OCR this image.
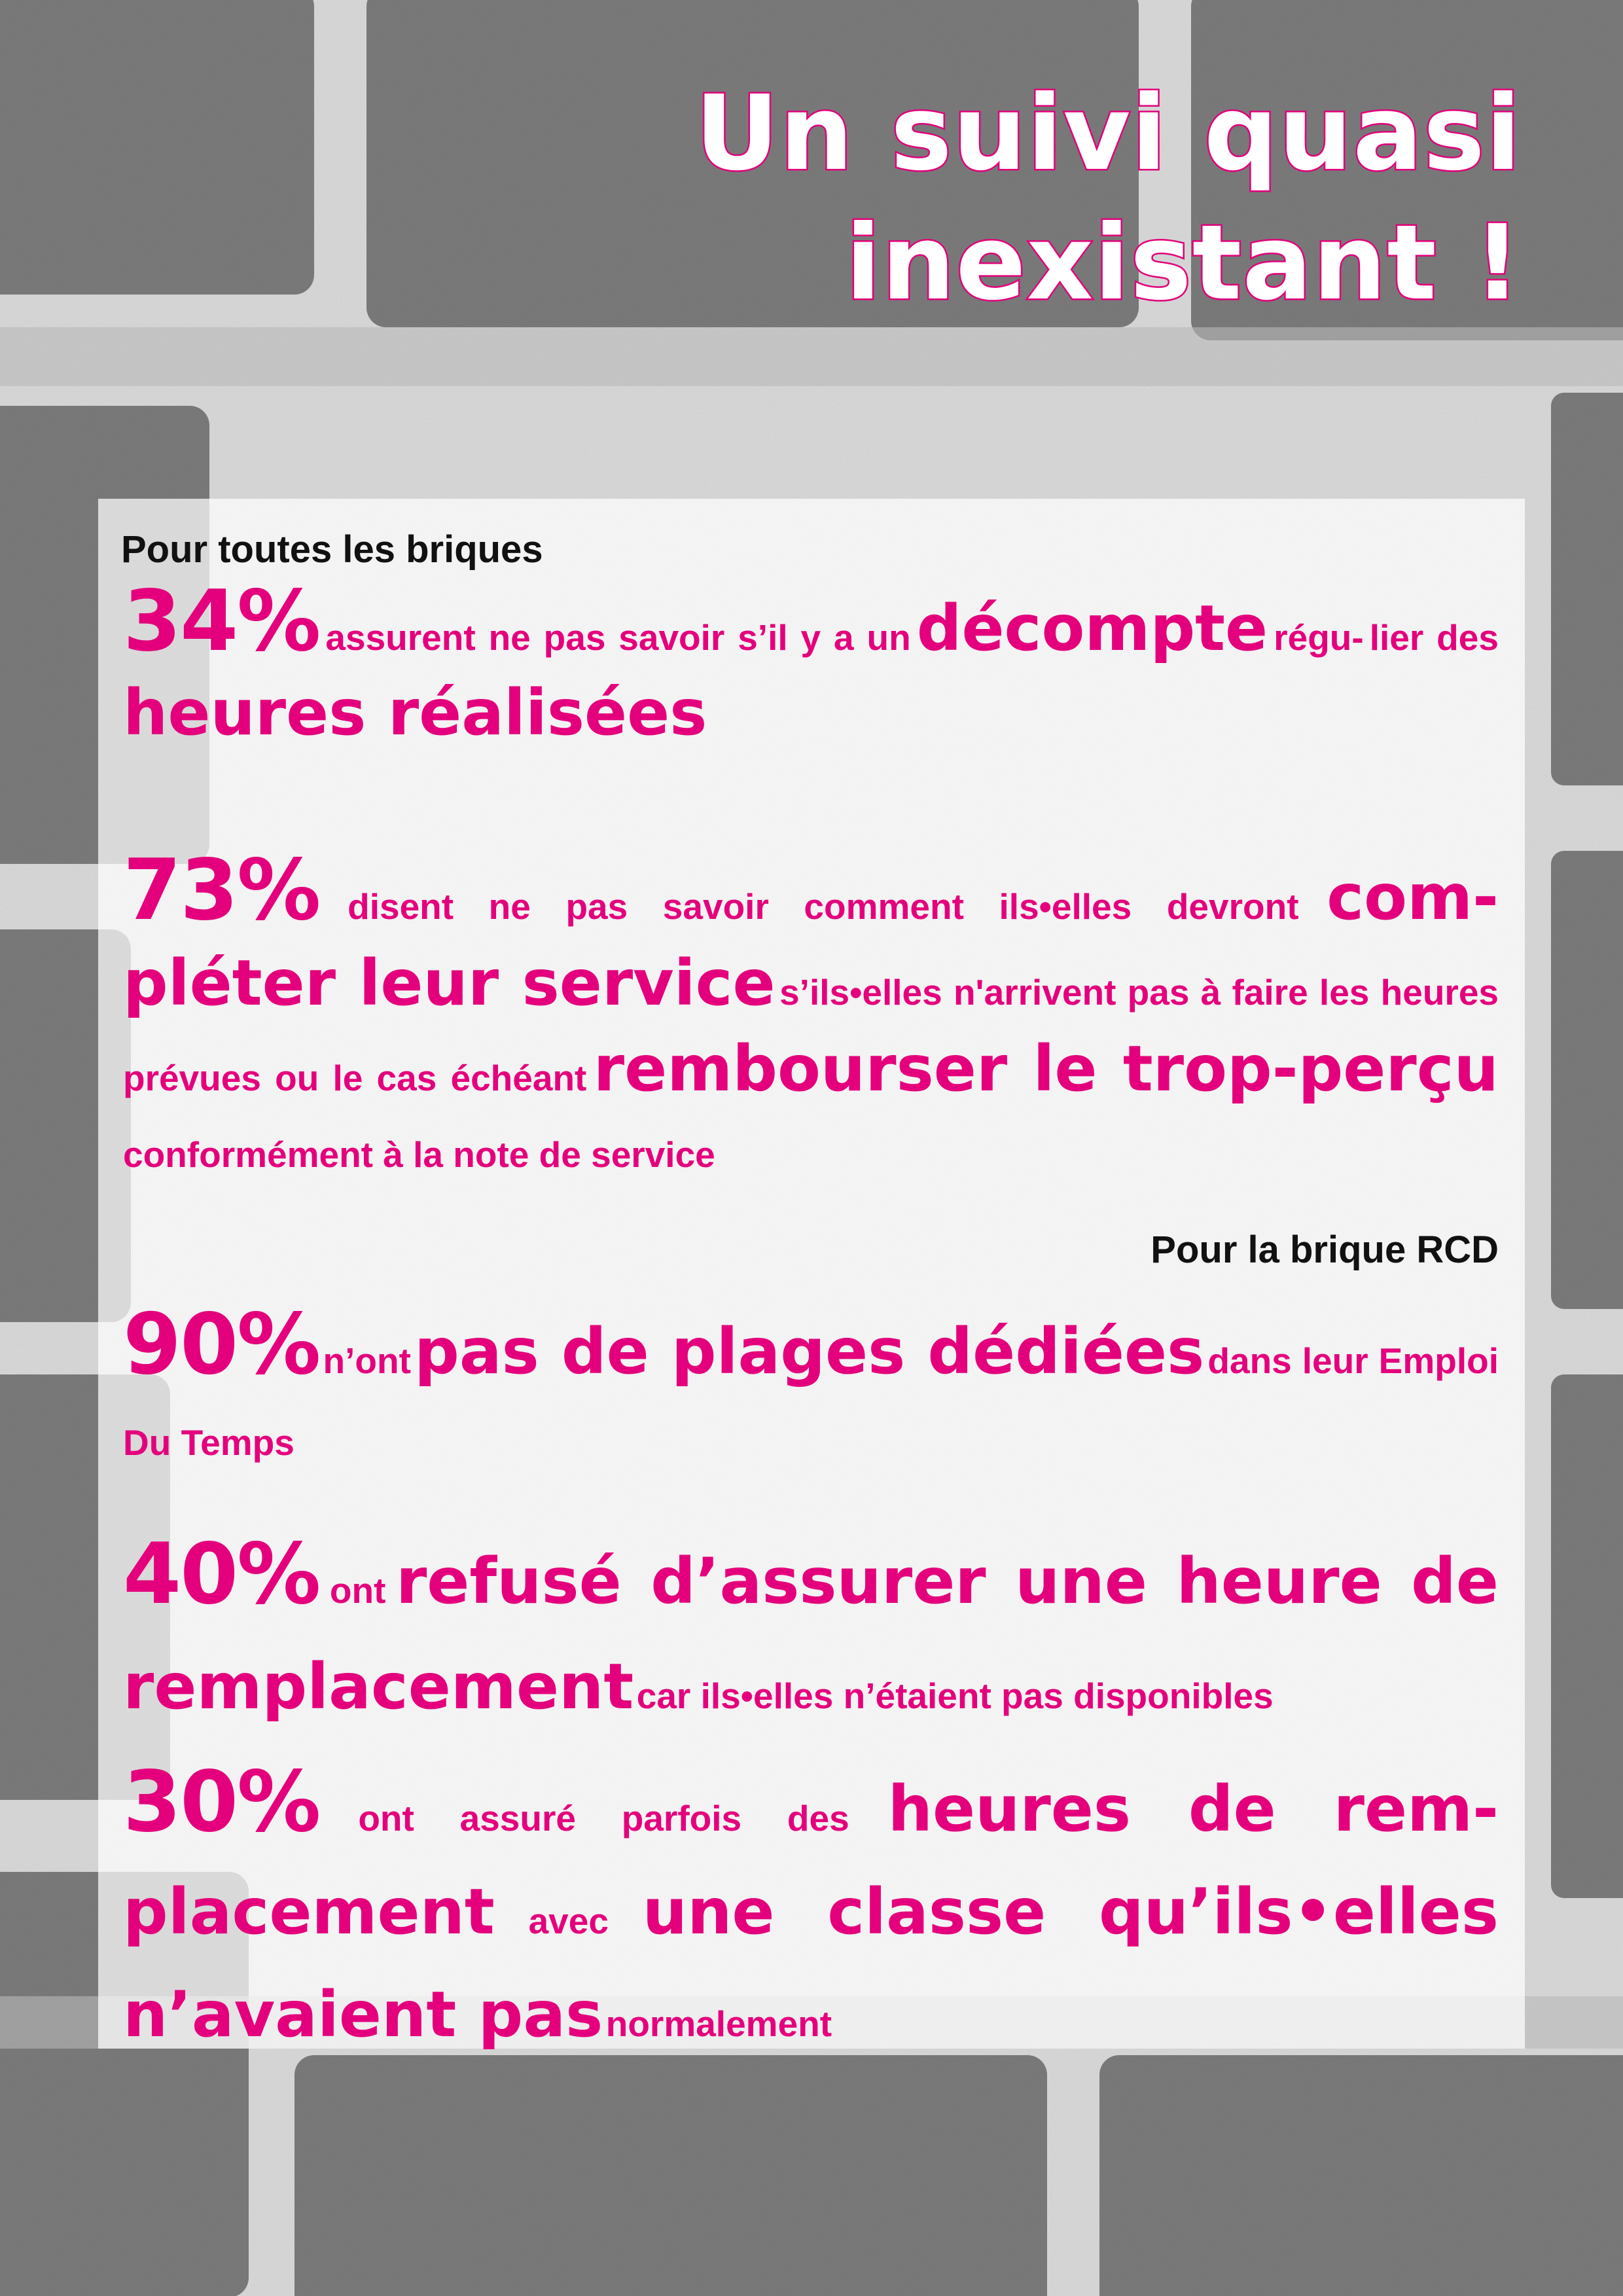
Un suivi quasi
inexistant !
Pour toutes les briques
34% assurent ne pas savoir s’il y a un décompte régu- lier des heures réalisées
73% disent ne pas savoir comment ils•elles devront com- pléter leur service s’ils•elles n'arrivent pas à faire les heures prévues ou le cas échéant rembourser le trop-perçu conformément à la note de service
Pour la brique RCD
90% n’ont pas de plages dédiées dans leur Emploi Du Temps
40% ont refusé d’assurer une heure de remplacement car ils•elles n’étaient pas disponibles
30% ont assuré parfois des heures de rem- placement avec une classe qu’ils•elles n’avaient pas normalement
